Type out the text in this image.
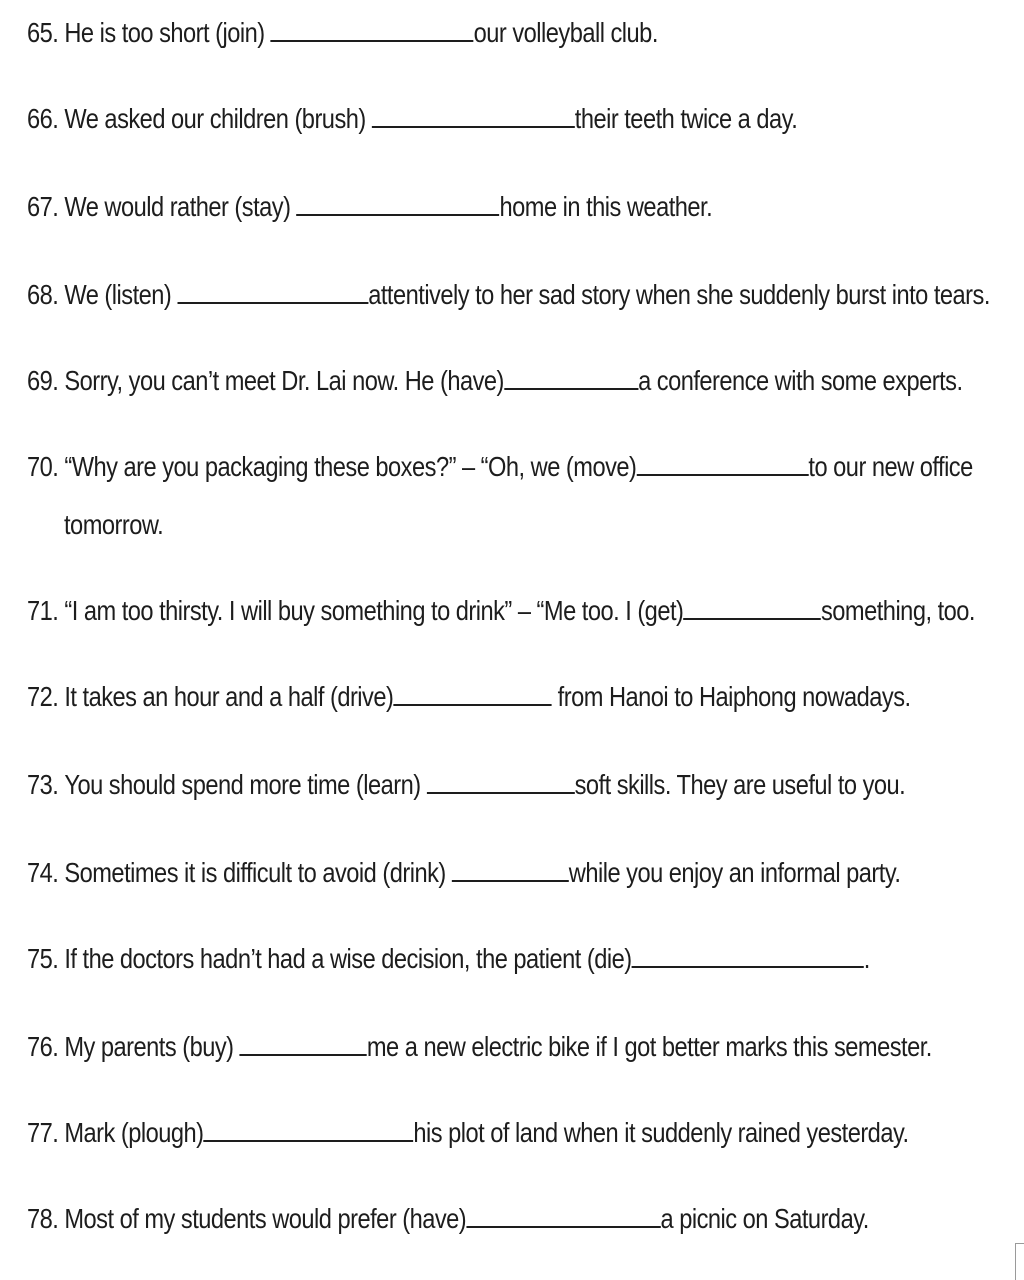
65. He is too short (join)	our volleyball club.
66. We asked our children (brush)	their teeth twice a day.
67. We would rather (stay)	home in this weather.
68. We (listen)	attentively to her sad story when she suddenly burst into tears.
69. Sorry, you can’t meet Dr. Lai now. He (have)	a conference with some experts.
70. “Why are you packaging these boxes?” – “Oh, we (move)	to our new office
tomorrow.
71. “I am too thirsty. I will buy something to drink” – “Me too. I (get)	something, too.
72. It takes an hour and a half (drive)	from Hanoi to Haiphong nowadays.
73. You should spend more time (learn)	soft skills. They are useful to you.
74. Sometimes it is difficult to avoid (drink)	while you enjoy an informal party.
75. If the doctors hadn’t had a wise decision, the patient (die)	.
76. My parents (buy)	me a new electric bike if I got better marks this semester.
77. Mark (plough)	his plot of land when it suddenly rained yesterday.
78. Most of my students would prefer (have)	a picnic on Saturday.
